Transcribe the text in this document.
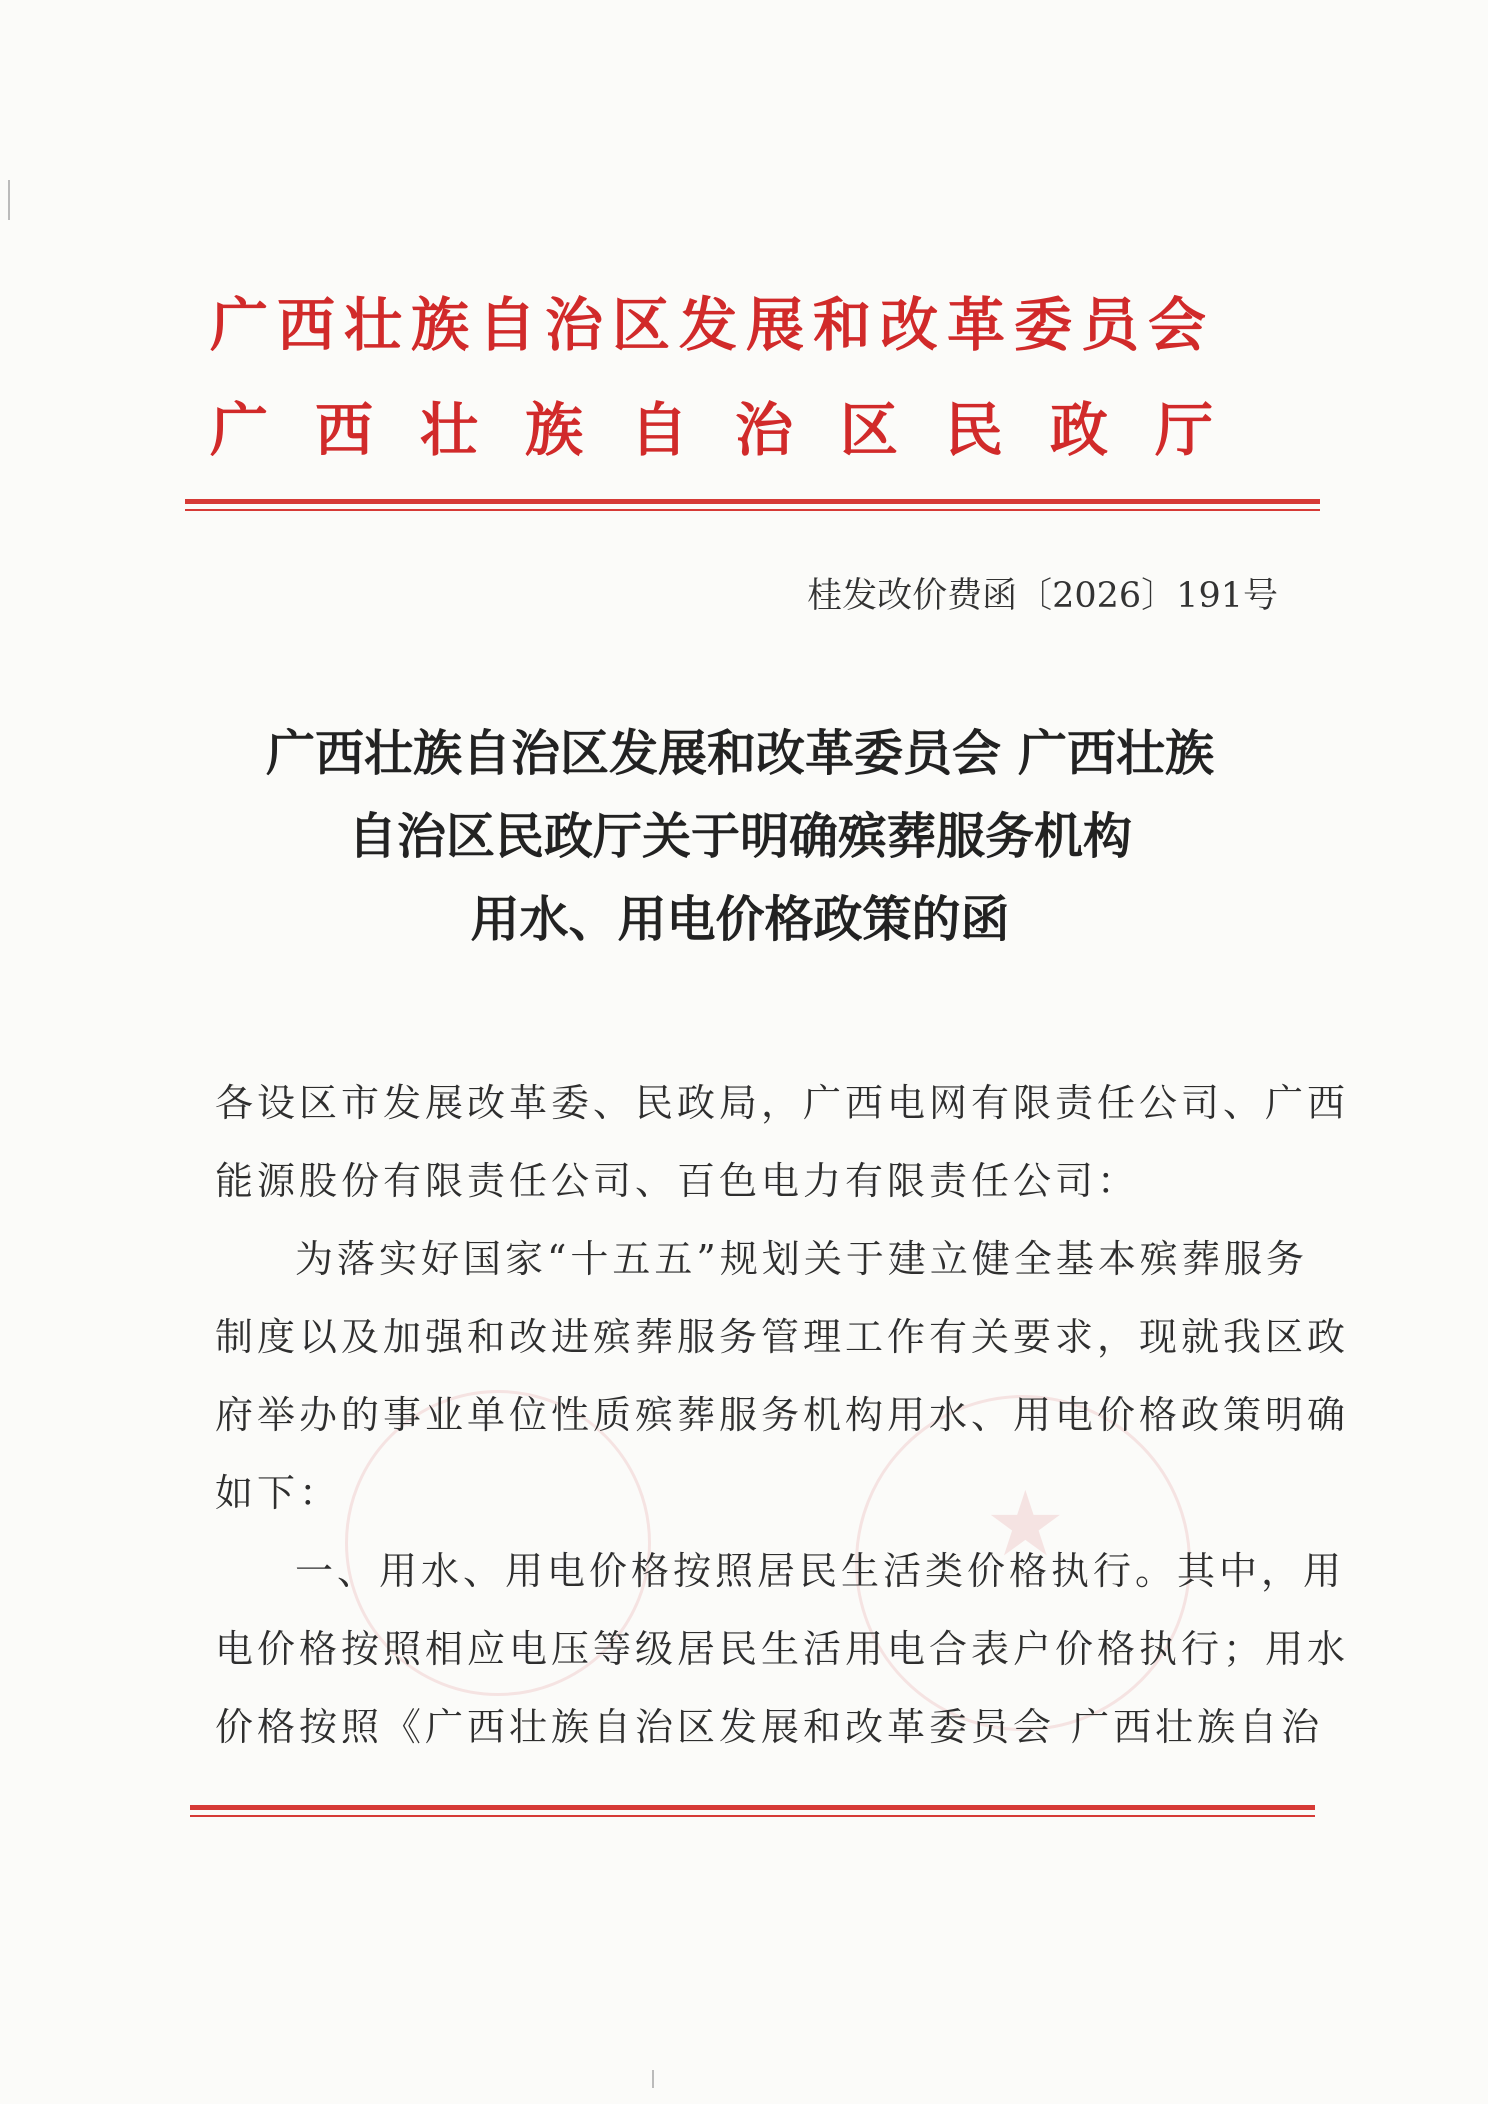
广西壮族自治区发展和改革委员会
广西壮族自治区民政厅
桂发改价费函〔2026〕191号
广西壮族自治区发展和改革委员会 广西壮族
自治区民政厅关于明确殡葬服务机构
用水、用电价格政策的函
★

各设区市发展改革委、民政局，广西电网有限责任公司、广西

能源股份有限责任公司、百色电力有限责任公司：

为落实好国家“十五五”规划关于建立健全基本殡葬服务

制度以及加强和改进殡葬服务管理工作有关要求，现就我区政

府举办的事业单位性质殡葬服务机构用水、用电价格政策明确

如下：

一、用水、用电价格按照居民生活类价格执行。其中，用

电价格按照相应电压等级居民生活用电合表户价格执行；用水

价格按照《广西壮族自治区发展和改革委员会 广西壮族自治
